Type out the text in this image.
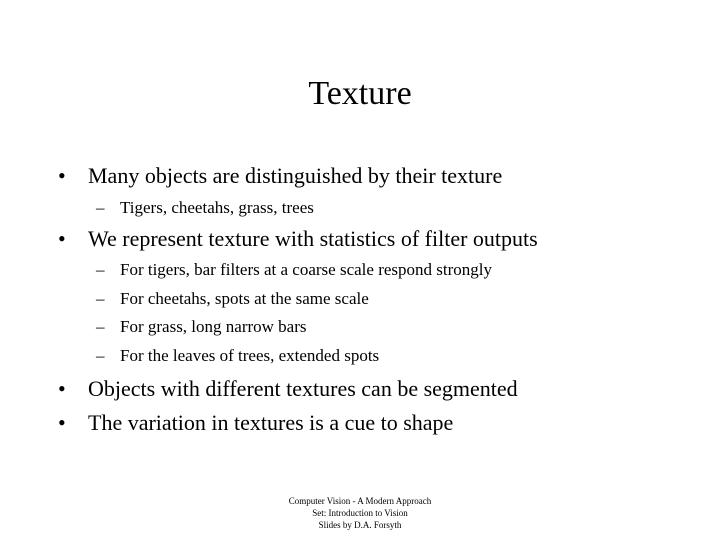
Texture
• Many objects are distinguished by their texture
– Tigers, cheetahs, grass, trees
• We represent texture with statistics of filter outputs
– For tigers, bar filters at a coarse scale respond strongly
– For cheetahs, spots at the same scale
– For grass, long narrow bars
– For the leaves of trees, extended spots
• Objects with different textures can be segmented
• The variation in textures is a cue to shape
Computer Vision - A Modern Approach
Set: Introduction to Vision
Slides by D.A. Forsyth
